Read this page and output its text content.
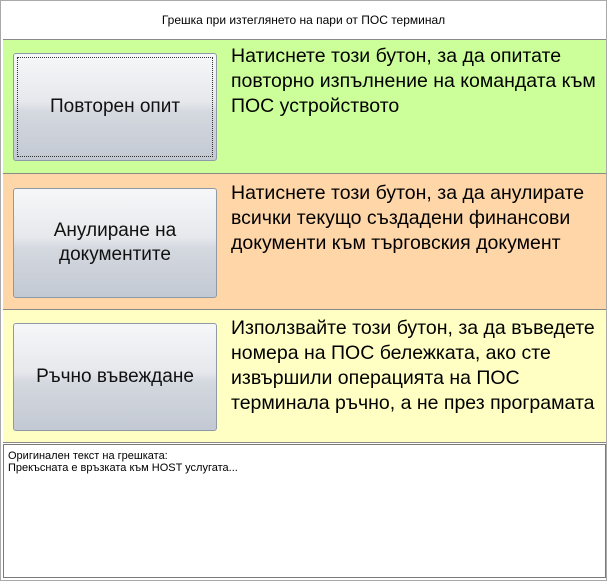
Грешка при изтеглянето на пари от ПОС терминал
Повторен опит
Натиснете този бутон, за да опитате повторно изпълнение на командата към ПОС устройството
Анулиране на документите
Натиснете този бутон, за да анулирате всички текущо създадени финансови документи към търговския документ
Ръчно въвеждане
Използвайте този бутон, за да въведете номера на ПОС бележката, ако сте извършили операцията на ПОС терминала ръчно, а не през програмата
Оригинален текст на грешката:
Прекъсната е връзката към HOST услугата...
